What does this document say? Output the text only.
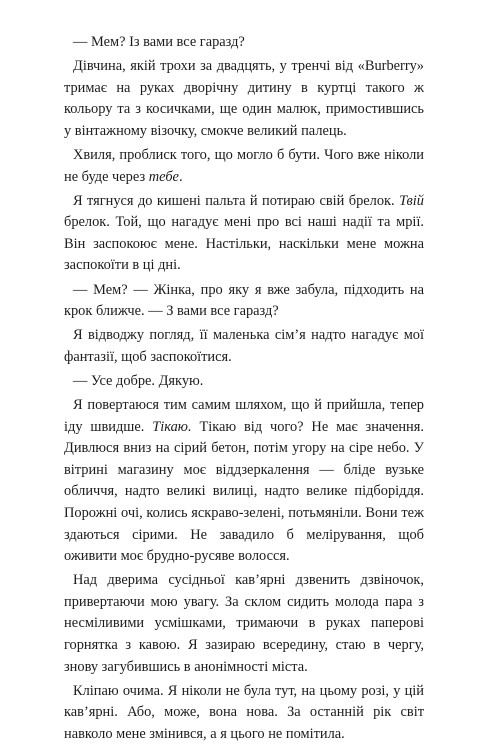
— Мем? Із вами все гаразд?

Дівчина, якій трохи за двадцять, у тренчі від «Burberry» тримає на руках дворічну дитину в куртці такого ж кольору та з косичками, ще один малюк, примостившись у вінтажному візочку, смокче великий палець.

Хвиля, проблиск того, що могло б бути. Чого вже ніколи не буде через тебе.

Я тягнуся до кишені пальта й потираю свій брелок. Твій брелок. Той, що нагадує мені про всі наші надії та мрії. Він заспокоює мене. Настільки, наскільки мене можна заспокоїти в ці дні.

— Мем? — Жінка, про яку я вже забула, підходить на крок ближче. — З вами все гаразд?

Я відводжу погляд, її маленька сім’я надто нагадує мої фантазії, щоб заспокоїтися.

— Усе добре. Дякую.

Я повертаюся тим самим шляхом, що й прийшла, тепер іду швидше. Тікаю. Тікаю від чого? Не має значення. Дивлюся вниз на сірий бетон, потім угору на сіре небо. У вітрині магазину моє віддзеркалення — бліде вузьке обличчя, надто великі вилиці, надто велике підборіддя. Порожні очі, колись яскраво-зелені, потьмяніли. Вони теж здаються сірими. Не завадило б мелірування, щоб оживити моє брудно-русяве волосся.

Над дверима сусідньої кав’ярні дзвенить дзвіночок, привертаючи мою увагу. За склом сидить молода пара з несміливими усмішками, тримаючи в руках паперові горнятка з кавою. Я зазираю всередину, стаю в чергу, знову загубившись в анонімності міста.

Кліпаю очима. Я ніколи не була тут, на цьому розі, у цій кав’ярні. Або, може, вона нова. За останній рік світ навколо мене змінився, а я цього не помітила.
